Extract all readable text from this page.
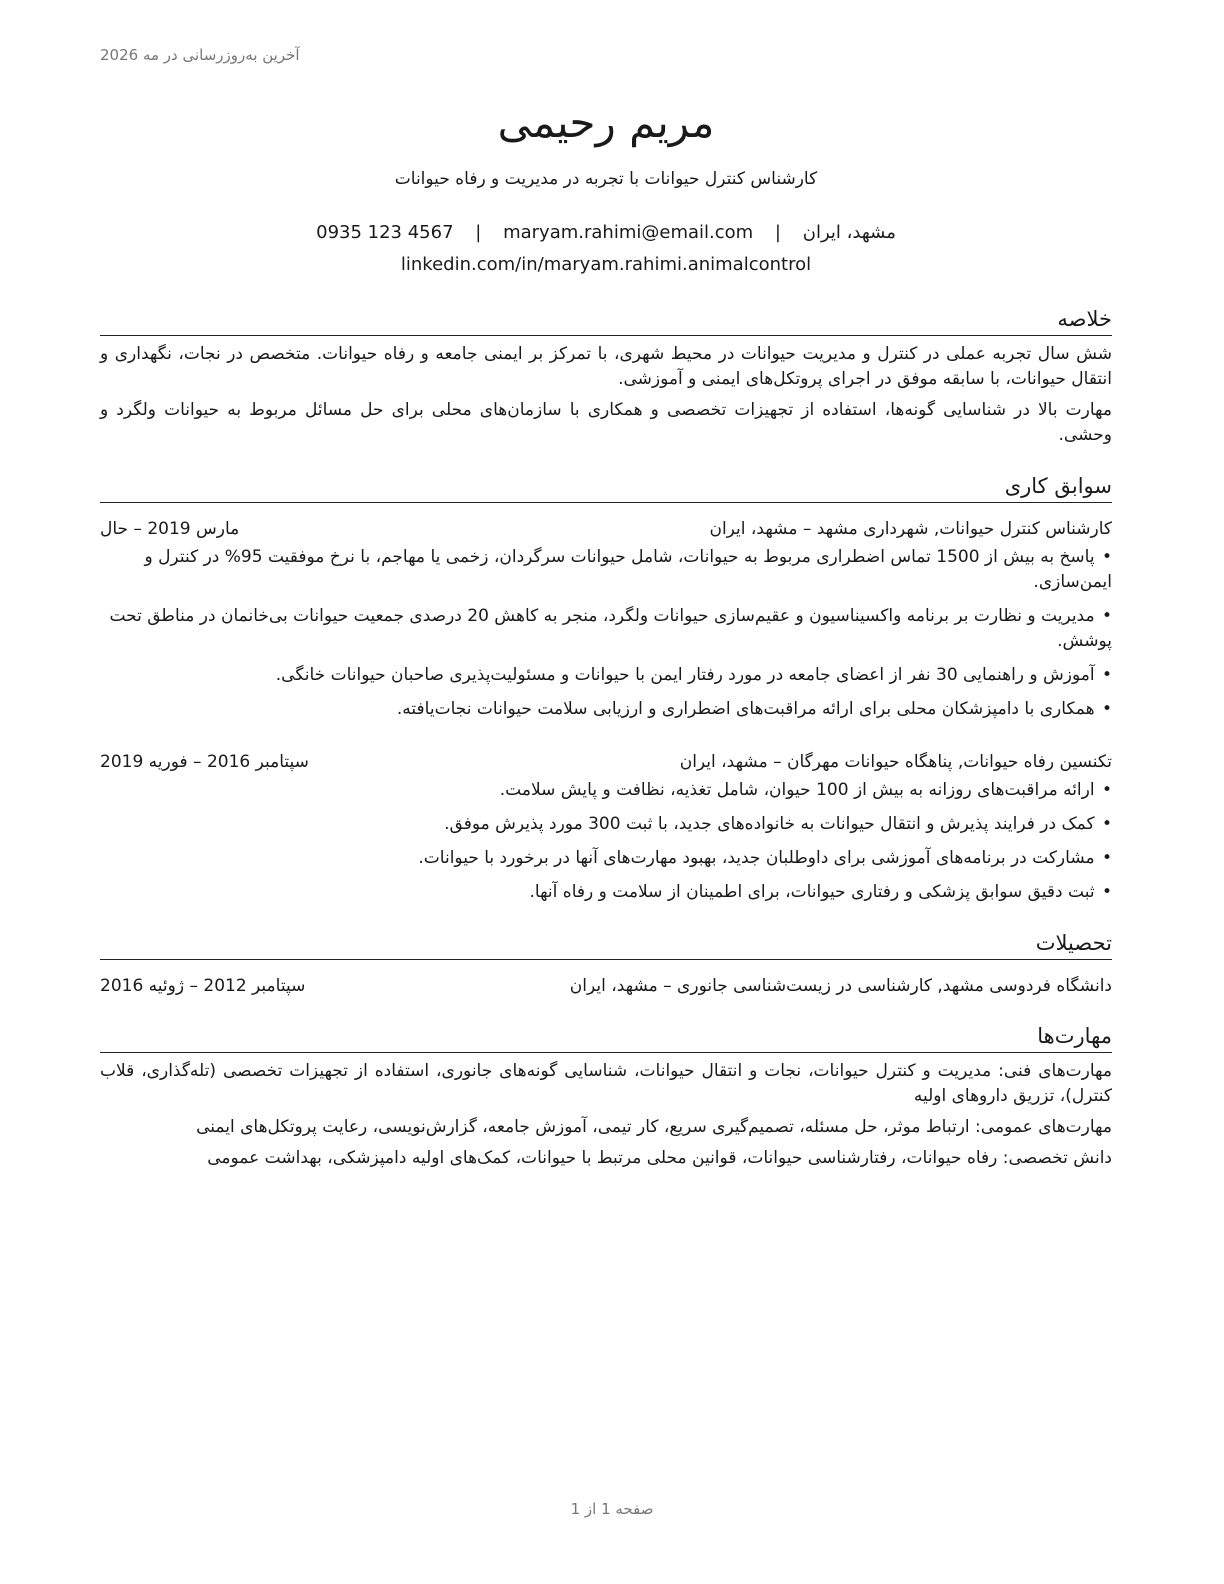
آخرین به‌روزرسانی در مه 2026
مریم رحیمی
کارشناس کنترل حیوانات با تجربه در مدیریت و رفاه حیوانات
مشهد، ایران | maryam.rahimi@email.com | 0935 123 4567
linkedin.com/in/maryam.rahimi.animalcontrol
خلاصه

شش سال تجربه عملی در کنترل و مدیریت حیوانات در محیط شهری، با تمرکز بر ایمنی جامعه و رفاه حیوانات. متخصص در نجات، نگهداری و انتقال حیوانات، با سابقه موفق در اجرای پروتکل‌های ایمنی و آموزشی.

مهارت بالا در شناسایی گونه‌ها، استفاده از تجهیزات تخصصی و همکاری با سازمان‌های محلی برای حل مسائل مربوط به حیوانات ولگرد و وحشی.

سوابق کاری
کارشناس کنترل حیوانات, شهرداری مشهد – مشهد، ایران
مارس 2019 – حال
• پاسخ به بیش از 1500 تماس اضطراری مربوط به حیوانات، شامل حیوانات سرگردان، زخمی یا مهاجم، با نرخ موفقیت 95% در کنترل و ایمن‌سازی.
• مدیریت و نظارت بر برنامه واکسیناسیون و عقیم‌سازی حیوانات ولگرد، منجر به کاهش 20 درصدی جمعیت حیوانات بی‌خانمان در مناطق تحت پوشش.
• آموزش و راهنمایی 30 نفر از اعضای جامعه در مورد رفتار ایمن با حیوانات و مسئولیت‌پذیری صاحبان حیوانات خانگی.
• همکاری با دامپزشکان محلی برای ارائه مراقبت‌های اضطراری و ارزیابی سلامت حیوانات نجات‌یافته.
تکنسین رفاه حیوانات, پناهگاه حیوانات مهرگان – مشهد، ایران
سپتامبر 2016 – فوریه 2019
• ارائه مراقبت‌های روزانه به بیش از 100 حیوان، شامل تغذیه، نظافت و پایش سلامت.
• کمک در فرایند پذیرش و انتقال حیوانات به خانواده‌های جدید، با ثبت 300 مورد پذیرش موفق.
• مشارکت در برنامه‌های آموزشی برای داوطلبان جدید، بهبود مهارت‌های آنها در برخورد با حیوانات.
• ثبت دقیق سوابق پزشکی و رفتاری حیوانات، برای اطمینان از سلامت و رفاه آنها.
تحصیلات
دانشگاه فردوسی مشهد, کارشناسی در زیست‌شناسی جانوری – مشهد، ایران
سپتامبر 2012 – ژوئیه 2016
مهارت‌ها

مهارت‌های فنی: مدیریت و کنترل حیوانات، نجات و انتقال حیوانات، شناسایی گونه‌های جانوری، استفاده از تجهیزات تخصصی (تله‌گذاری، قلاب کنترل)، تزریق داروهای اولیه

مهارت‌های عمومی: ارتباط موثر، حل مسئله، تصمیم‌گیری سریع، کار تیمی، آموزش جامعه، گزارش‌نویسی، رعایت پروتکل‌های ایمنی

دانش تخصصی: رفاه حیوانات، رفتارشناسی حیوانات، قوانین محلی مرتبط با حیوانات، کمک‌های اولیه دامپزشکی، بهداشت عمومی

صفحه 1 از 1
